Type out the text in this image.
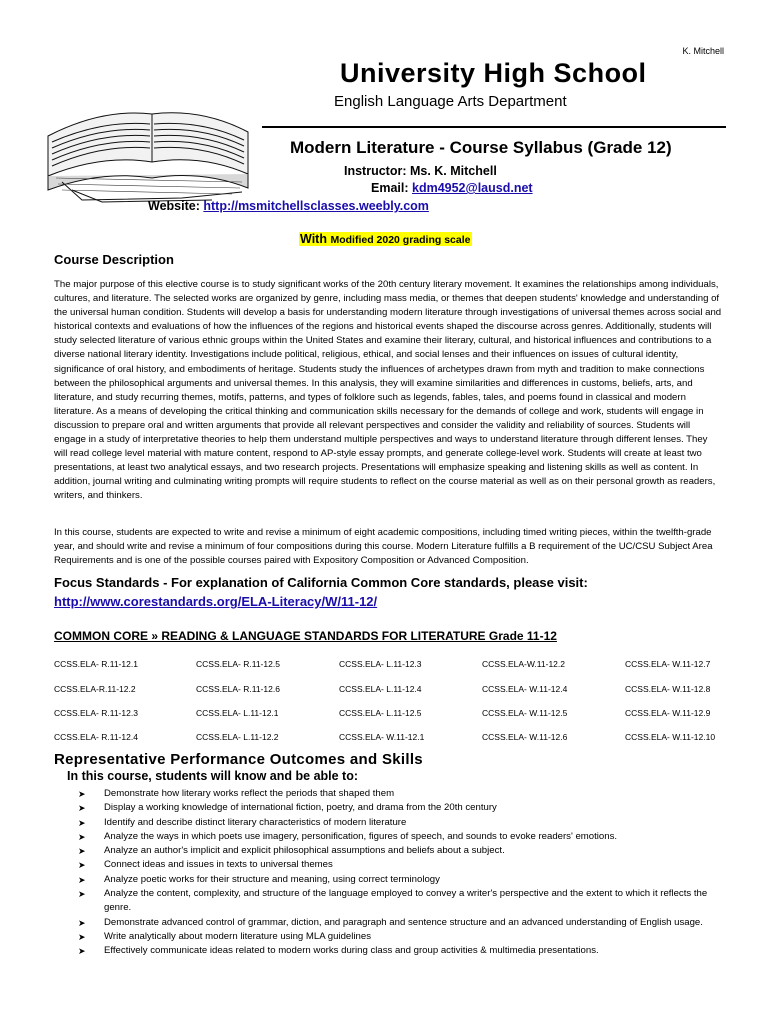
K. Mitchell
University High School
English Language Arts Department
Modern Literature - Course Syllabus (Grade 12)
Instructor: Ms. K. Mitchell
Email: kdm4952@lausd.net
Website: http://msmitchellsclasses.weebly.com
With Modified 2020 grading scale
Course Description
The major purpose of this elective course is to study significant works of the 20th century literary movement. It examines the relationships among individuals, cultures, and literature. The selected works are organized by genre, including mass media, or themes that deepen students' knowledge and understanding of the universal human condition. Students will develop a basis for understanding modern literature through investigations of universal themes across social and historical contexts and evaluations of how the influences of the regions and historical events shaped the discourse across genres. Additionally, students will study selected literature of various ethnic groups within the United States and examine their literary, cultural, and historical influences and contributions to a diverse national literary identity. Investigations include political, religious, ethical, and social lenses and their influences on issues of cultural identity, significance of oral history, and embodiments of heritage. Students study the influences of archetypes drawn from myth and tradition to make connections between the philosophical arguments and universal themes. In this analysis, they will examine similarities and differences in customs, beliefs, arts, and literature, and study recurring themes, motifs, patterns, and types of folklore such as legends, fables, tales, and poems found in classical and modern literature. As a means of developing the critical thinking and communication skills necessary for the demands of college and work, students will engage in discussion to prepare oral and written arguments that provide all relevant perspectives and consider the validity and reliability of sources. Students will engage in a study of interpretative theories to help them understand multiple perspectives and ways to understand literature through different lenses. They will read college level material with mature content, respond to AP-style essay prompts, and generate college-level work. Students will create at least two presentations, at least two analytical essays, and two research projects. Presentations will emphasize speaking and listening skills as well as content. In addition, journal writing and culminating writing prompts will require students to reflect on the course material as well as on their personal growth as readers, writers, and thinkers.
In this course, students are expected to write and revise a minimum of eight academic compositions, including timed writing pieces, within the twelfth-grade year, and should write and revise a minimum of four compositions during this course. Modern Literature fulfills a B requirement of the UC/CSU Subject Area Requirements and is one of the possible courses paired with Expository Composition or Advanced Composition.
Focus Standards - For explanation of California Common Core standards, please visit:
http://www.corestandards.org/ELA-Literacy/W/11-12/
COMMON CORE » READING & LANGUAGE STANDARDS FOR LITERATURE Grade 11-12
CCSS.ELA- R.11-12.1	CCSS.ELA- R.11-12.5	CCSS.ELA- L.11-12.3	CCSS.ELA-W.11-12.2	CCSS.ELA- W.11-12.7
CCSS.ELA-R.11-12.2	CCSS.ELA- R.11-12.6	CCSS.ELA- L.11-12.4	CCSS.ELA- W.11-12.4	CCSS.ELA- W.11-12.8
CCSS.ELA- R.11-12.3	CCSS.ELA- L.11-12.1	CCSS.ELA- L.11-12.5	CCSS.ELA- W.11-12.5	CCSS.ELA- W.11-12.9
CCSS.ELA- R.11-12.4	CCSS.ELA- L.11-12.2	CCSS.ELA- W.11-12.1	CCSS.ELA- W.11-12.6	CCSS.ELA- W.11-12.10
Representative Performance Outcomes and Skills
In this course, students will know and be able to:
➤ Demonstrate how literary works reflect the periods that shaped them
➤ Display a working knowledge of international fiction, poetry, and drama from the 20th century
➤ Identify and describe distinct literary characteristics of modern literature
➤ Analyze the ways in which poets use imagery, personification, figures of speech, and sounds to evoke readers' emotions.
➤ Analyze an author's implicit and explicit philosophical assumptions and beliefs about a subject.
➤ Connect ideas and issues in texts to universal themes
➤ Analyze poetic works for their structure and meaning, using correct terminology
➤ Analyze the content, complexity, and structure of the language employed to convey a writer's perspective and the extent to which it reflects the genre.
➤ Demonstrate advanced control of grammar, diction, and paragraph and sentence structure and an advanced understanding of English usage.
➤ Write analytically about modern literature using MLA guidelines
➤ Effectively communicate ideas related to modern works during class and group activities & multimedia presentations.
